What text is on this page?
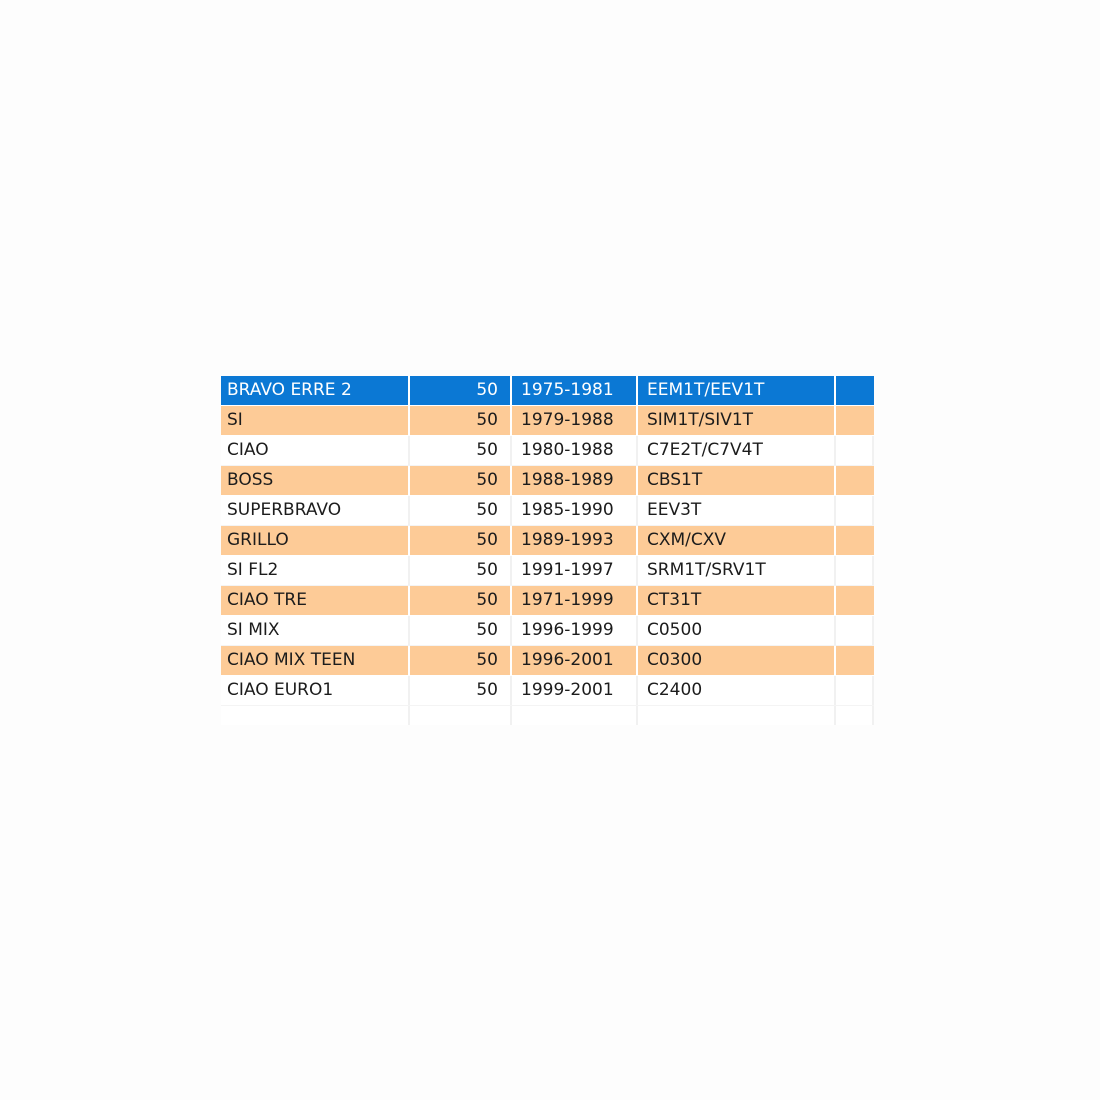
BRAVO ERRE 2	50	1975-1981	EEM1T/EEV1T
SI	50	1979-1988	SIM1T/SIV1T
CIAO	50	1980-1988	C7E2T/C7V4T
BOSS	50	1988-1989	CBS1T
SUPERBRAVO	50	1985-1990	EEV3T
GRILLO	50	1989-1993	CXM/CXV
SI FL2	50	1991-1997	SRM1T/SRV1T
CIAO TRE	50	1971-1999	CT31T
SI MIX	50	1996-1999	C0500
CIAO MIX TEEN	50	1996-2001	C0300
CIAO EURO1	50	1999-2001	C2400
